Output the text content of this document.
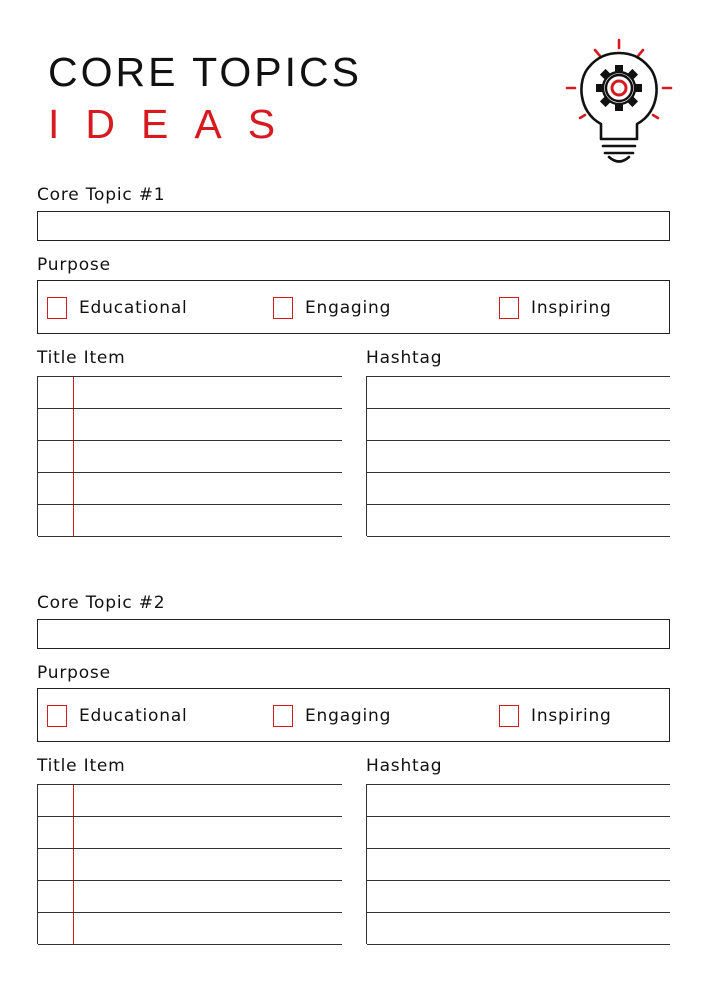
CORE TOPICS
IDEAS
Core Topic #1
Purpose
Educational	Engaging	Inspiring
Title Item	Hashtag
Core Topic #2
Purpose
Educational	Engaging	Inspiring
Title Item	Hashtag
